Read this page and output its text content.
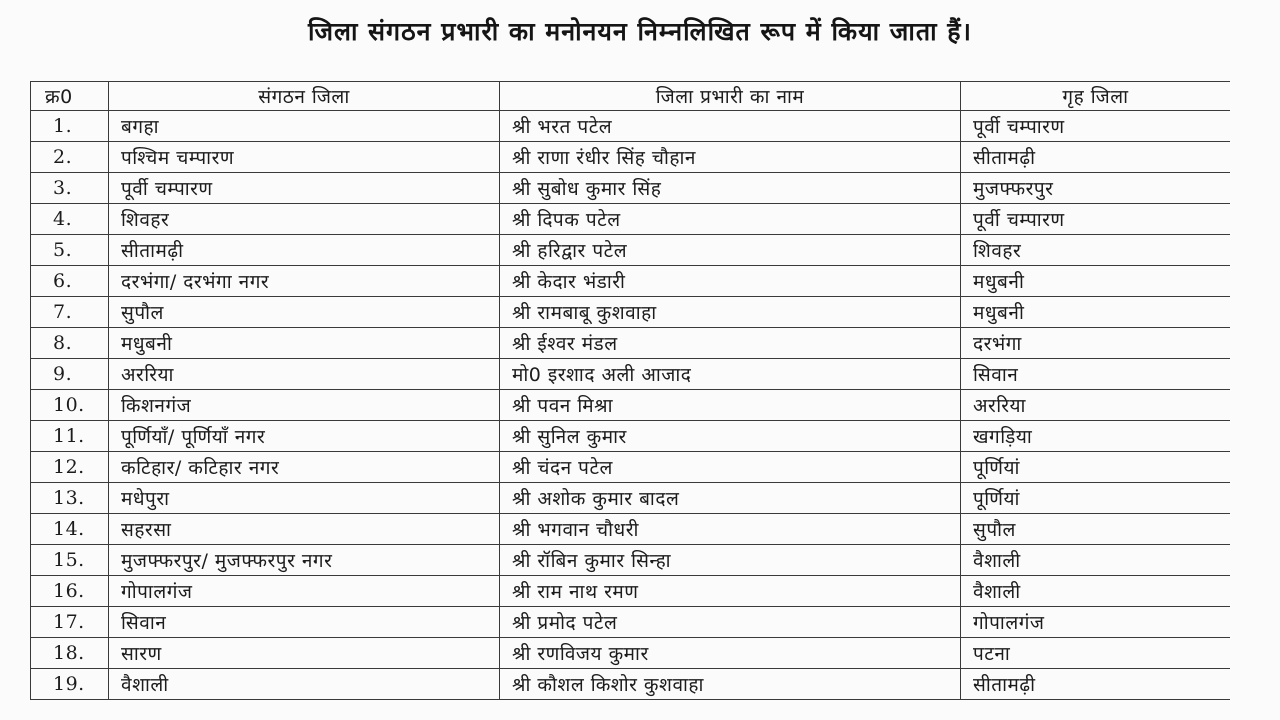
जिला संगठन प्रभारी का मनोनयन निम्नलिखित रूप में किया जाता हैं।
क्र0	संगठन जिला	जिला प्रभारी का नाम	गृह जिला
1.	बगहा	श्री भरत पटेल	पूर्वी चम्पारण
2.	पश्चिम चम्पारण	श्री राणा रंधीर सिंह चौहान	सीतामढ़ी
3.	पूर्वी चम्पारण	श्री सुबोध कुमार सिंह	मुजफ्फरपुर
4.	शिवहर	श्री दिपक पटेल	पूर्वी चम्पारण
5.	सीतामढ़ी	श्री हरिद्वार पटेल	शिवहर
6.	दरभंगा/ दरभंगा नगर	श्री केदार भंडारी	मधुबनी
7.	सुपौल	श्री रामबाबू कुशवाहा	मधुबनी
8.	मधुबनी	श्री ईश्वर मंडल	दरभंगा
9.	अररिया	मो0 इरशाद अली आजाद	सिवान
10.	किशनगंज	श्री पवन मिश्रा	अररिया
11.	पूर्णियाँ/ पूर्णियाँ नगर	श्री सुनिल कुमार	खगड़िया
12.	कटिहार/ कटिहार नगर	श्री चंदन पटेल	पूर्णियां
13.	मधेपुरा	श्री अशोक कुमार बादल	पूर्णियां
14.	सहरसा	श्री भगवान चौधरी	सुपौल
15.	मुजफ्फरपुर/ मुजफ्फरपुर नगर	श्री रॉबिन कुमार सिन्हा	वैशाली
16.	गोपालगंज	श्री राम नाथ रमण	वैशाली
17.	सिवान	श्री प्रमोद पटेल	गोपालगंज
18.	सारण	श्री रणविजय कुमार	पटना
19.	वैशाली	श्री कौशल किशोर कुशवाहा	सीतामढ़ी
